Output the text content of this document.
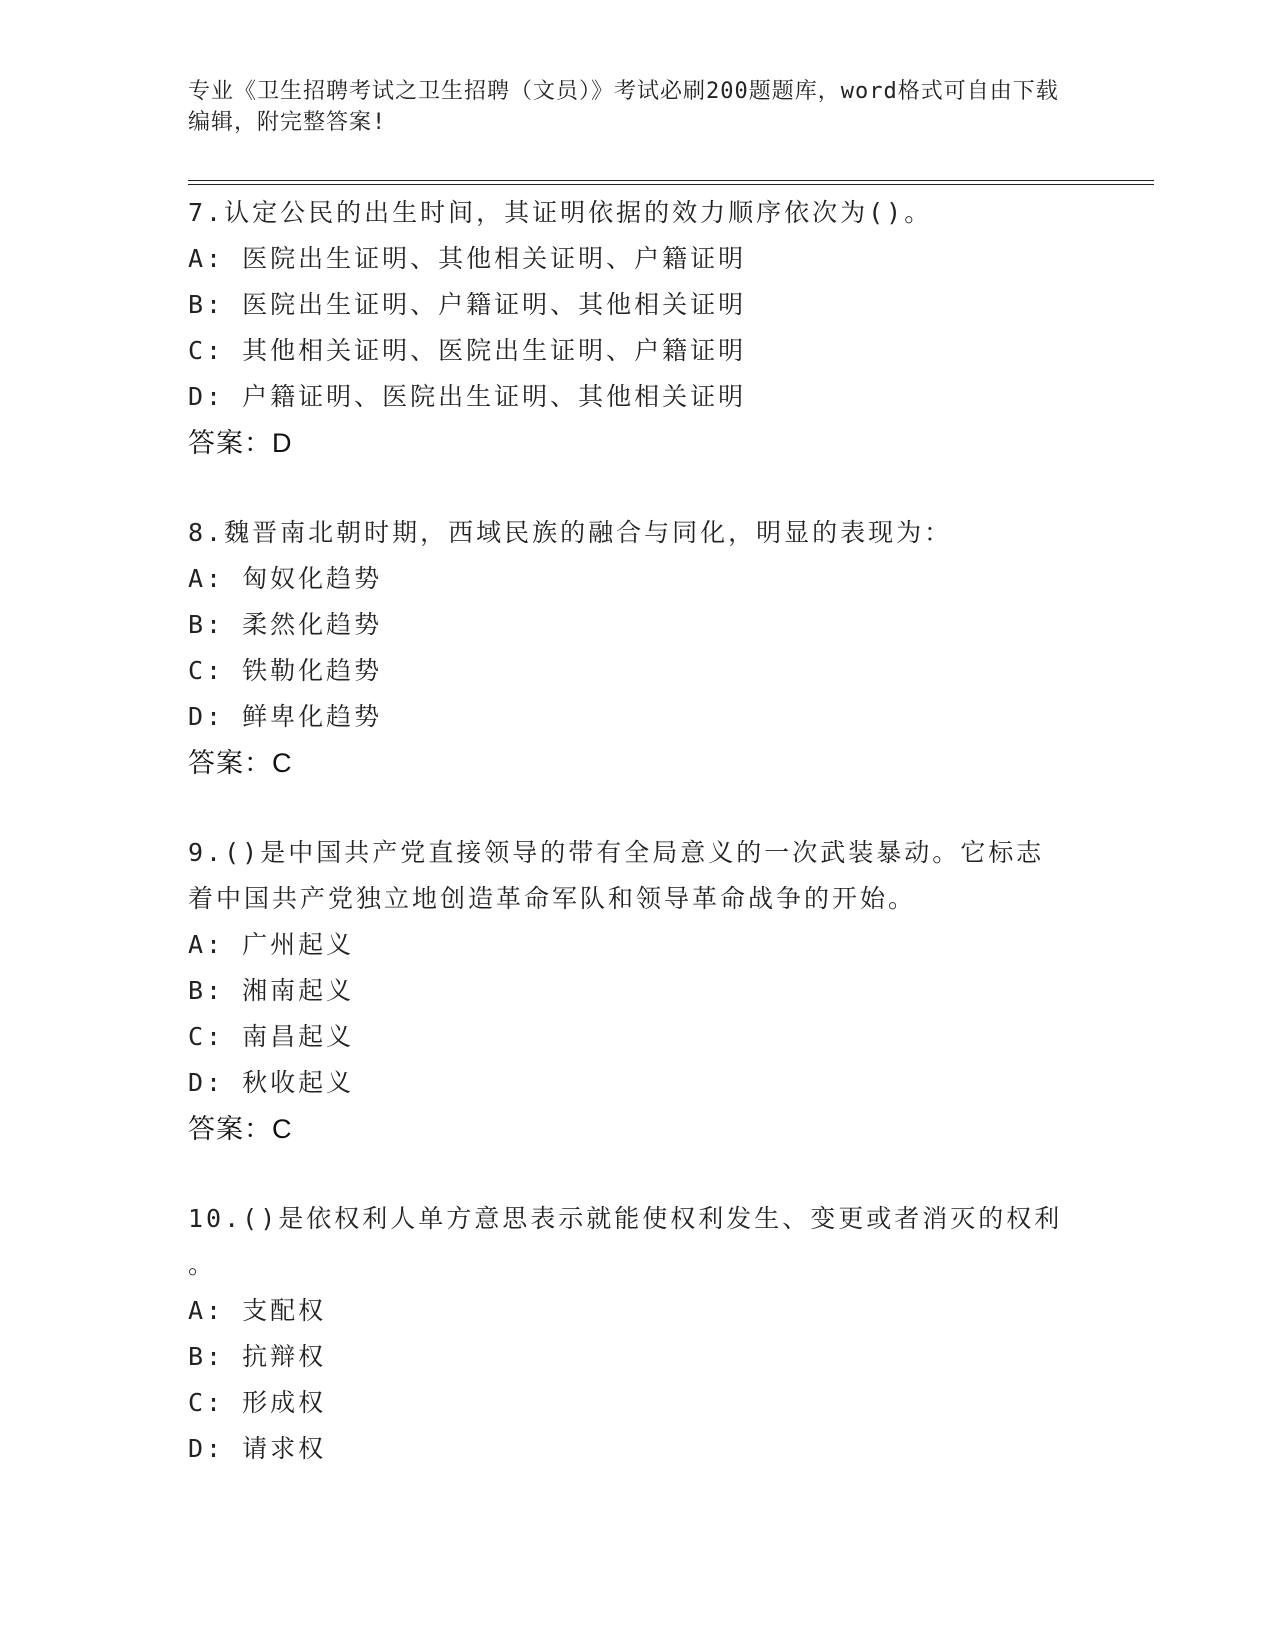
专业《卫生招聘考试之卫生招聘（文员）》考试必刷200题题库，word格式可自由下载编辑，附完整答案!

7.认定公民的出生时间，其证明依据的效力顺序依次为()。

A: 医院出生证明、其他相关证明、户籍证明

B: 医院出生证明、户籍证明、其他相关证明

C: 其他相关证明、医院出生证明、户籍证明

D: 户籍证明、医院出生证明、其他相关证明

答案：D

8.魏晋南北朝时期，西域民族的融合与同化，明显的表现为：

A: 匈奴化趋势

B: 柔然化趋势

C: 铁勒化趋势

D: 鲜卑化趋势

答案：C

9.()是中国共产党直接领导的带有全局意义的一次武装暴动。它标志

着中国共产党独立地创造革命军队和领导革命战争的开始。

A: 广州起义

B: 湘南起义

C: 南昌起义

D: 秋收起义

答案：C

10.()是依权利人单方意思表示就能使权利发生、变更或者消灭的权利

。

A: 支配权

B: 抗辩权

C: 形成权

D: 请求权
